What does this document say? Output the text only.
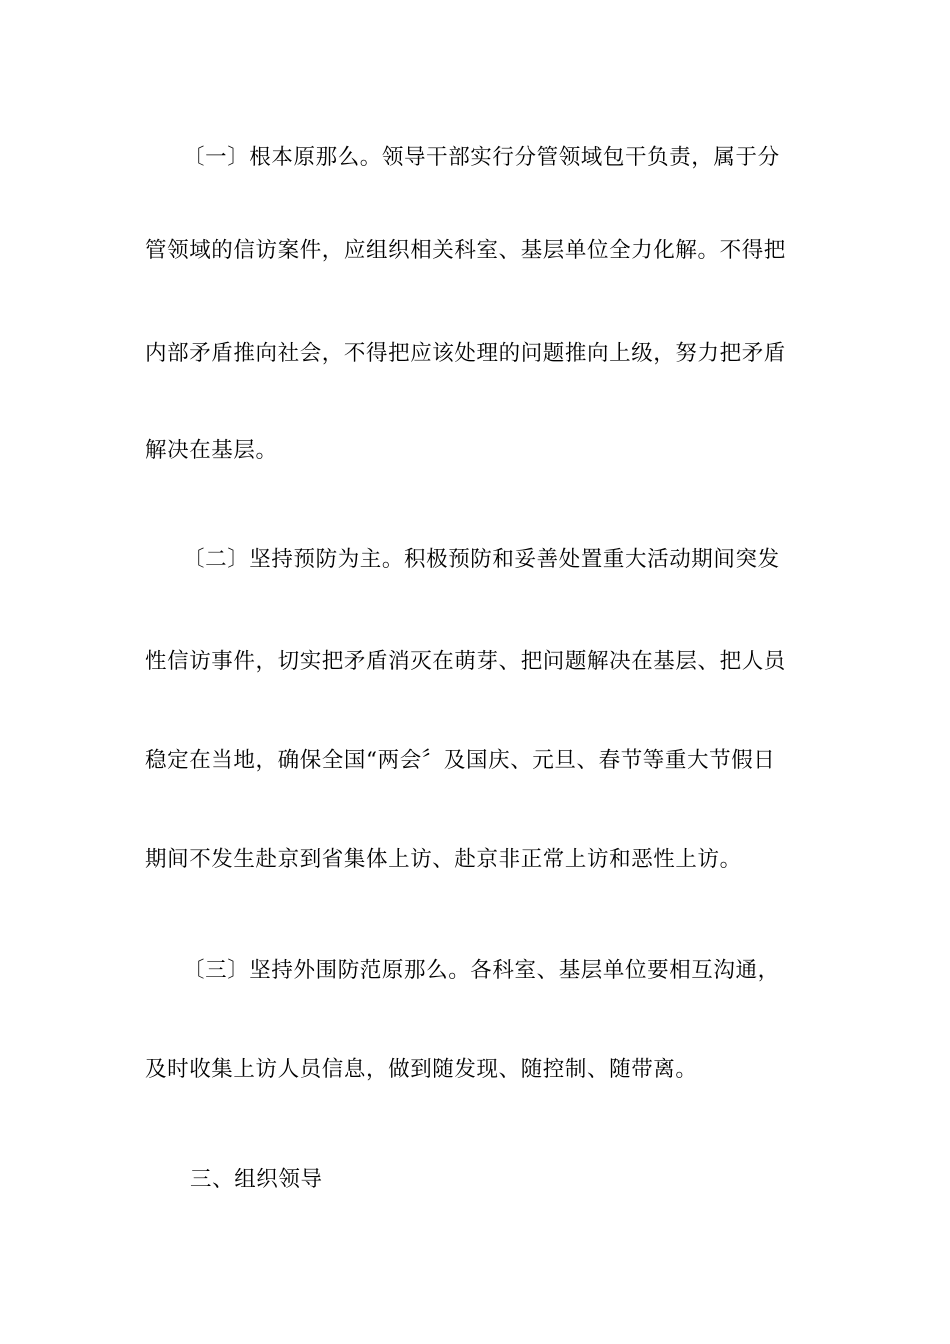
〔一〕根本原那么。领导干部实行分管领域包干负责，属于分
管领域的信访案件，应组织相关科室、基层单位全力化解。不得把
内部矛盾推向社会，不得把应该处理的问题推向上级，努力把矛盾
解决在基层。
〔二〕坚持预防为主。积极预防和妥善处置重大活动期间突发
性信访事件，切实把矛盾消灭在萌芽、把问题解决在基层、把人员
稳定在当地，确保全国“两会〞及国庆、元旦、春节等重大节假日
期间不发生赴京到省集体上访、赴京非正常上访和恶性上访。
〔三〕坚持外围防范原那么。各科室、基层单位要相互沟通，
及时收集上访人员信息，做到随发现、随控制、随带离。
三、组织领导
